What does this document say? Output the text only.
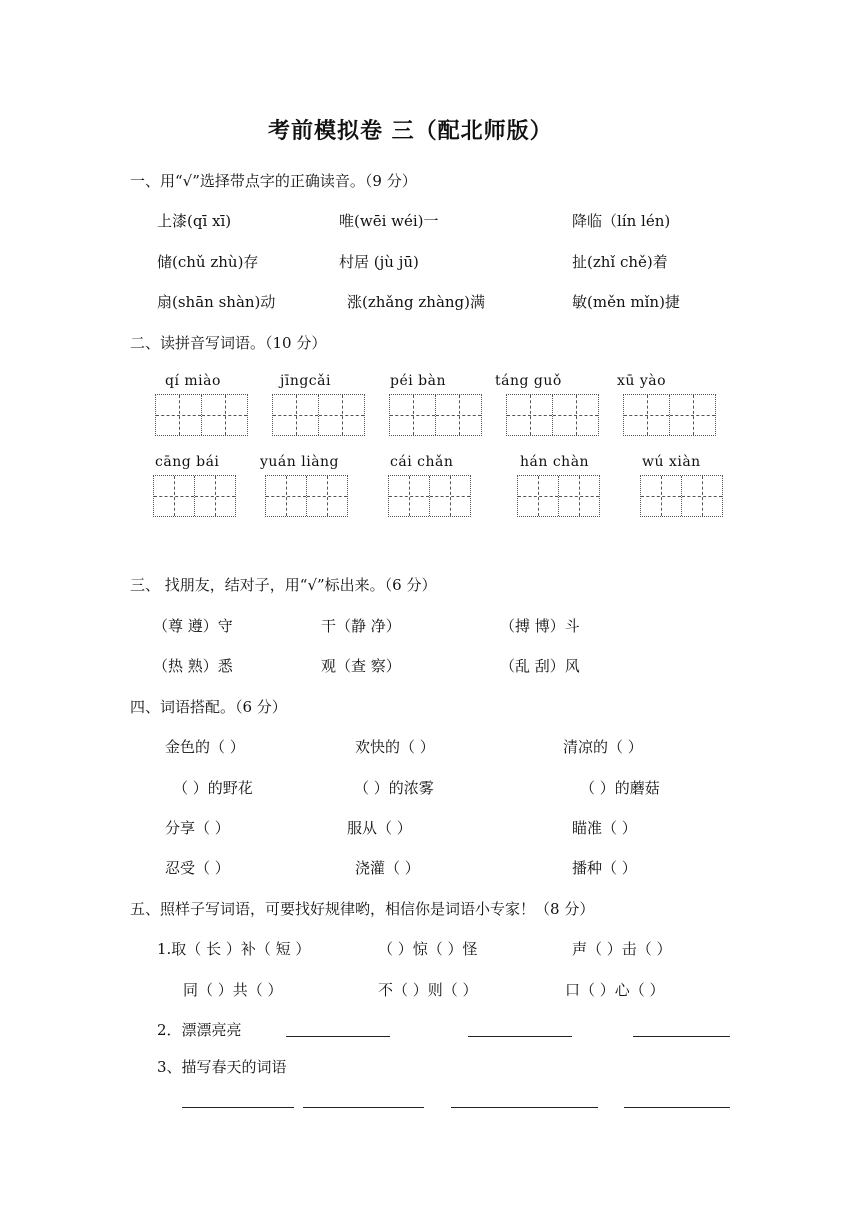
考前模拟卷 三（配北师版）
一、用“√”选择带点字的正确读音。（9 分）
上漆(qī xī)	唯(wēi wéi)一	降临（lín lén)
储(chǔ zhù)存	村居 (jù jū)	扯(zhǐ chě)着
扇(shān shàn)动	涨(zhǎng zhàng)满	敏(měn mǐn)捷
二、读拼音写词语。（10 分）
qí miào	jīngcǎi	péi bàn	táng guǒ	xū yào
cāng bái	yuán liàng	cái chǎn	hán chàn	wú xiàn
三、 找朋友，结对子，用“√”标出来。（6 分）
（尊 遵）守	干（静 净）	（搏 博）斗
（热 熟）悉	观（查 察）	（乱 刮）风
四、词语搭配。（6 分）
金色的（ ）	欢快的（ ）	清凉的（ ）
（ ）的野花	（ ）的浓雾	（ ）的蘑菇
分享（ ）	服从（ ）	瞄准（ ）
忍受（ ）	浇灌（ ）	播种（ ）
五、照样子写词语，可要找好规律哟，相信你是词语小专家！（8 分）
1.取（ 长 ）补（ 短 ）	（ ）惊（ ）怪	声（ ）击（ ）
同（ ）共（ ）	不（ ）则（ ）	口（ ）心（ ）
2．漂漂亮亮
3、描写春天的词语
